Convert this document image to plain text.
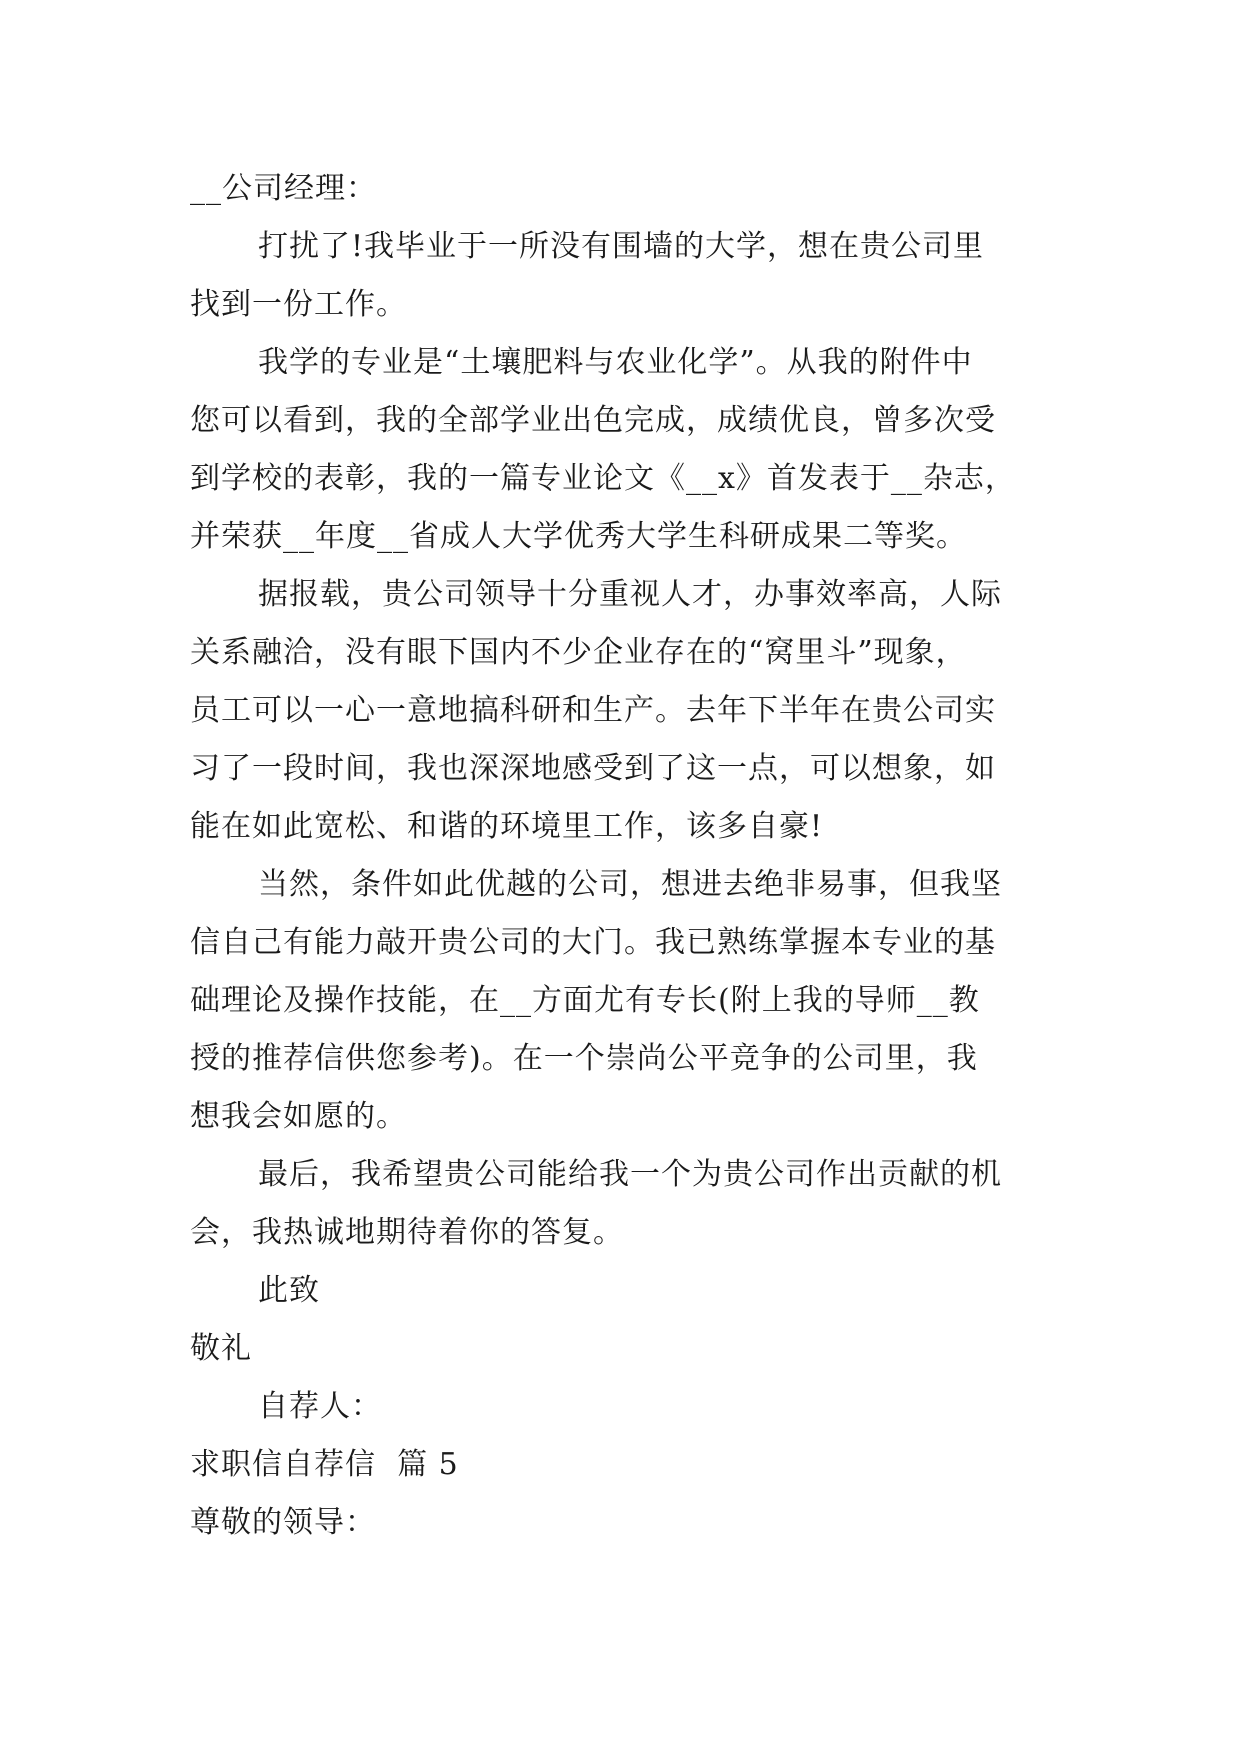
__公司经理：
打扰了!我毕业于一所没有围墙的大学，想在贵公司里
找到一份工作。
我学的专业是“土壤肥料与农业化学”。从我的附件中
您可以看到，我的全部学业出色完成，成绩优良，曾多次受
到学校的表彰，我的一篇专业论文《__x》首发表于__杂志，
并荣获__年度__省成人大学优秀大学生科研成果二等奖。
据报载，贵公司领导十分重视人才，办事效率高，人际
关系融洽，没有眼下国内不少企业存在的“窝里斗”现象，
员工可以一心一意地搞科研和生产。去年下半年在贵公司实
习了一段时间，我也深深地感受到了这一点，可以想象，如
能在如此宽松、和谐的环境里工作，该多自豪!
当然，条件如此优越的公司，想进去绝非易事，但我坚
信自己有能力敲开贵公司的大门。我已熟练掌握本专业的基
础理论及操作技能，在__方面尤有专长(附上我的导师__教
授的推荐信供您参考)。在一个崇尚公平竞争的公司里，我
想我会如愿的。
最后，我希望贵公司能给我一个为贵公司作出贡献的机
会，我热诚地期待着你的答复。
此致
敬礼
自荐人：
求职信自荐信  篇 5
尊敬的领导：
